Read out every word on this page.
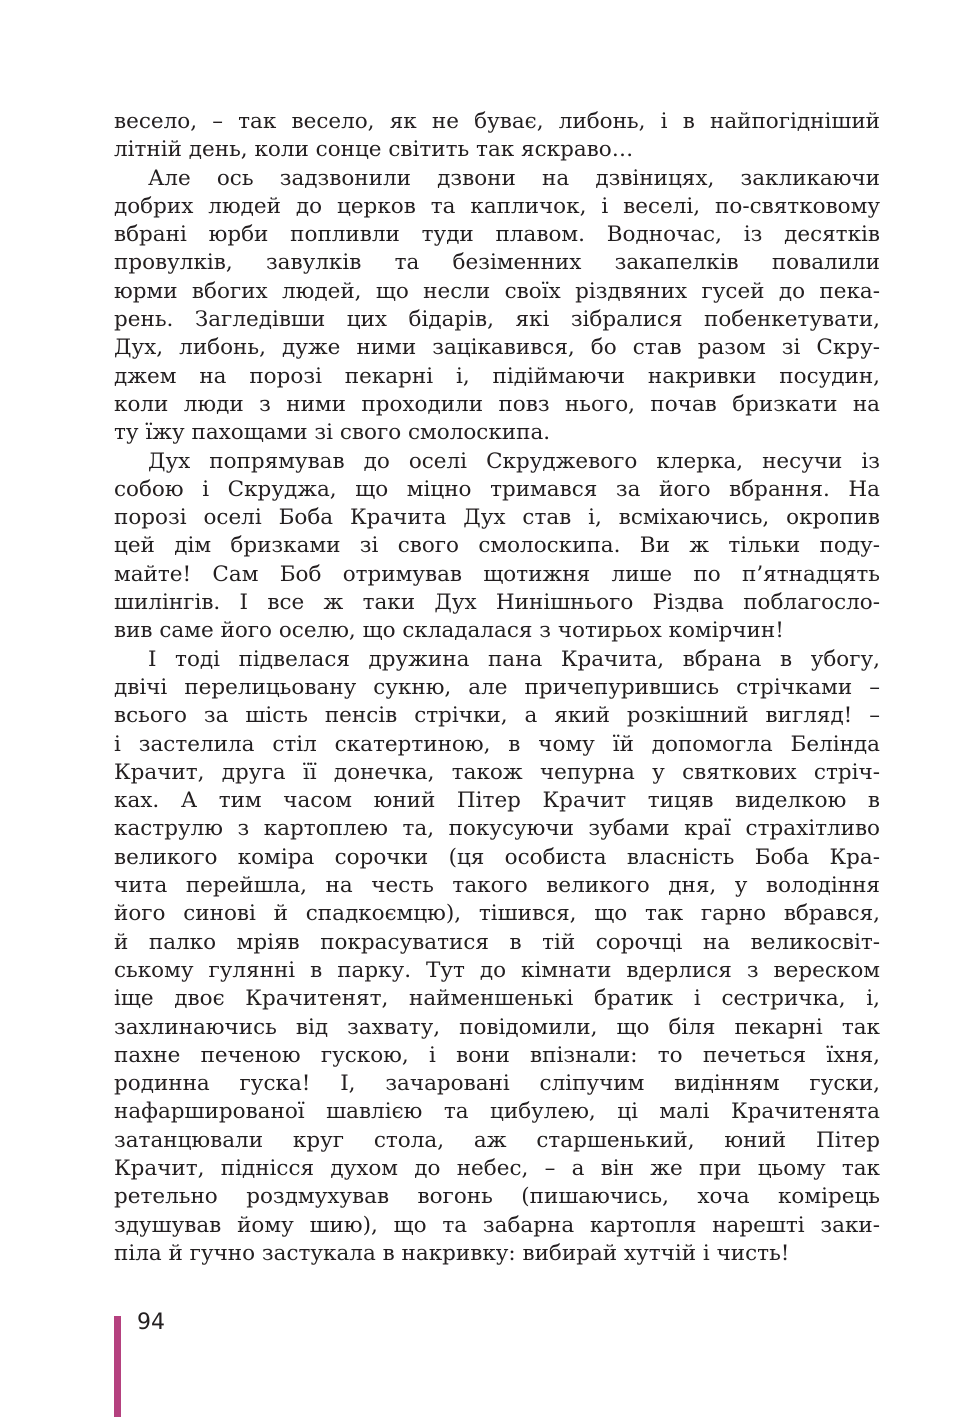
весело, – так весело, як не буває, либонь, і в найпогіднiший
літній день, коли сонце світить так яскраво…

Але ось задзвонили дзвони на дзвіницях, закликаючи
добрих людей до церков та капличок, і веселі, по-святковому
вбрані юрби попливли туди плавом. Водночас, із десятків
провулків, завулків та безіменних закапелків повалили
юрми вбогих людей, що несли своїх різдвяних гусей до пека-
рень. Загледівши цих бідарів, які зібралися побенкетувати,
Дух, либонь, дуже ними зацікавився, бо став разом зі Скру-
джем на порозі пекарні і, підіймаючи накривки посудин,
коли люди з ними проходили повз нього, почав бризкати на
ту їжу пахощами зі свого смолоскипа.

Дух попрямував до оселі Скруджевого клерка, несучи із
собою і Скруджа, що міцно тримався за його вбрання. На
порозі оселі Боба Крачита Дух став і, всміхаючись, окропив
цей дім бризками зі свого смолоскипа. Ви ж тільки поду-
майте! Сам Боб отримував щотижня лише по п’ятнадцять
шилінгів. І все ж таки Дух Нинішнього Різдва поблагосло-
вив саме його оселю, що складалася з чотирьох комірчин!

І тоді підвелася дружина пана Крачита, вбрана в убогу,
двічі перелицьовану сукню, але причепурившись стрічками –
всього за шість пенсів стрічки, а який розкішний вигляд! –
і застелила стіл скатертиною, в чому їй допомогла Белінда
Крачит, друга її донечка, також чепурна у святкових стріч-
ках. А тим часом юний Пітер Крачит тицяв виделкою в
каструлю з картоплею та, покусуючи зубами краї страхітливо
великого коміра сорочки (ця особиста власність Боба Кра-
чита перейшла, на честь такого великого дня, у володіння
його синові й спадкоємцю), тішився, що так гарно вбрався,
й палко мріяв покрасуватися в тій сорочці на великосвіт-
ському гулянні в парку. Тут до кімнати вдерлися з вереском
іще двоє Крачитенят, найменшенькі братик і сестричка, і,
захлинаючись від захвату, повідомили, що біля пекарні так
пахне печеною гускою, і вони впізнали: то печеться їхня,
родинна гуска! І, зачаровані сліпучим видінням гуски,
нафаршированої шавлією та цибулею, ці малі Крачитенята
затанцювали круг стола, аж старшенький, юний Пітер
Крачит, піднісся духом до небес, – а він же при цьому так
ретельно роздмухував вогонь (пишаючись, хоча комірець
здушував йому шию), що та забарна картопля нарешті заки-
піла й гучно застукала в накривку: вибирай хутчій і чисть!

94
